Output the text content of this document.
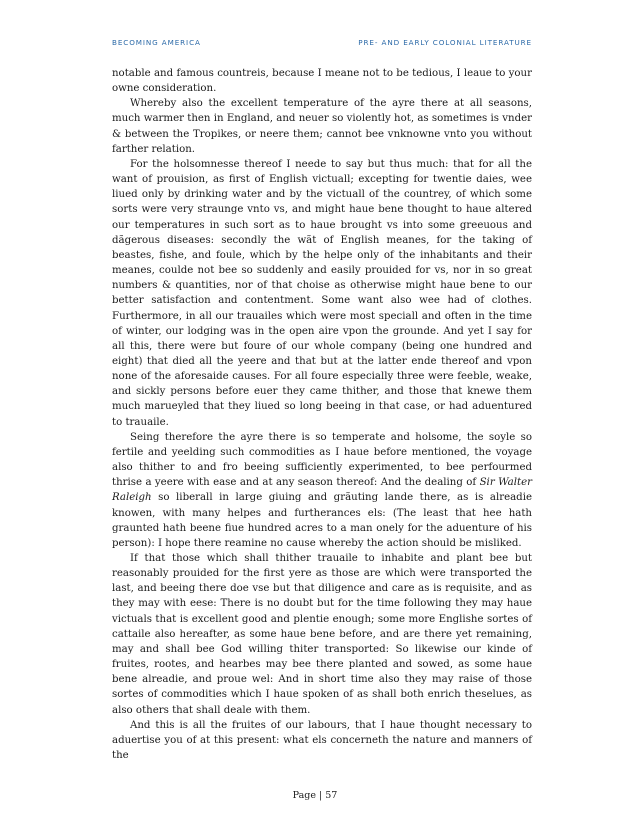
BECOMING AMERICA	PRE- AND EARLY COLONIAL LITERATURE

notable and famous countreis, because I meane not to be tedious, I leaue to your owne consideration.

Whereby also the excellent temperature of the ayre there at all seasons, much warmer then in England, and neuer so violently hot, as sometimes is vnder & between the Tropikes, or neere them; cannot bee vnknowne vnto you without farther relation.

For the holsomnesse thereof I neede to say but thus much: that for all the want of prouision, as first of English victuall; excepting for twentie daies, wee liued only by drinking water and by the victuall of the countrey, of which some sorts were very straunge vnto vs, and might haue bene thought to haue altered our temperatures in such sort as to haue brought vs into some greeuous and dãgerous diseases: secondly the wãt of English meanes, for the taking of beastes, fishe, and foule, which by the helpe only of the inhabitants and their meanes, coulde not bee so suddenly and easily prouided for vs, nor in so great numbers & quantities, nor of that choise as otherwise might haue bene to our better satisfaction and contentment. Some want also wee had of clothes. Furthermore, in all our trauailes which were most speciall and often in the time of winter, our lodging was in the open aire vpon the grounde. And yet I say for all this, there were but foure of our whole company (being one hundred and eight) that died all the yeere and that but at the latter ende thereof and vpon none of the aforesaide causes. For all foure especially three were feeble, weake, and sickly persons before euer they came thither, and those that knewe them much marueyled that they liued so long beeing in that case, or had aduentured to trauaile.

Seing therefore the ayre there is so temperate and holsome, the soyle so fertile and yeelding such commodities as I haue before mentioned, the voyage also thither to and fro beeing sufficiently experimented, to bee perfourmed thrise a yeere with ease and at any season thereof: And the dealing of Sir Walter Raleigh so liberall in large giuing and grãuting lande there, as is alreadie knowen, with many helpes and furtherances els: (The least that hee hath graunted hath beene fiue hundred acres to a man onely for the aduenture of his person): I hope there reamine no cause whereby the action should be misliked.

If that those which shall thither trauaile to inhabite and plant bee but reasonably prouided for the first yere as those are which were transported the last, and beeing there doe vse but that diligence and care as is requisite, and as they may with eese: There is no doubt but for the time following they may haue victuals that is excellent good and plentie enough; some more Englishe sortes of cattaile also hereafter, as some haue bene before, and are there yet remaining, may and shall bee God willing thiter transported: So likewise our kinde of fruites, rootes, and hearbes may bee there planted and sowed, as some haue bene alreadie, and proue wel: And in short time also they may raise of those sortes of commodities which I haue spoken of as shall both enrich theselues, as also others that shall deale with them.

And this is all the fruites of our labours, that I haue thought necessary to aduertise you of at this present: what els concerneth the nature and manners of the

Page | 57
